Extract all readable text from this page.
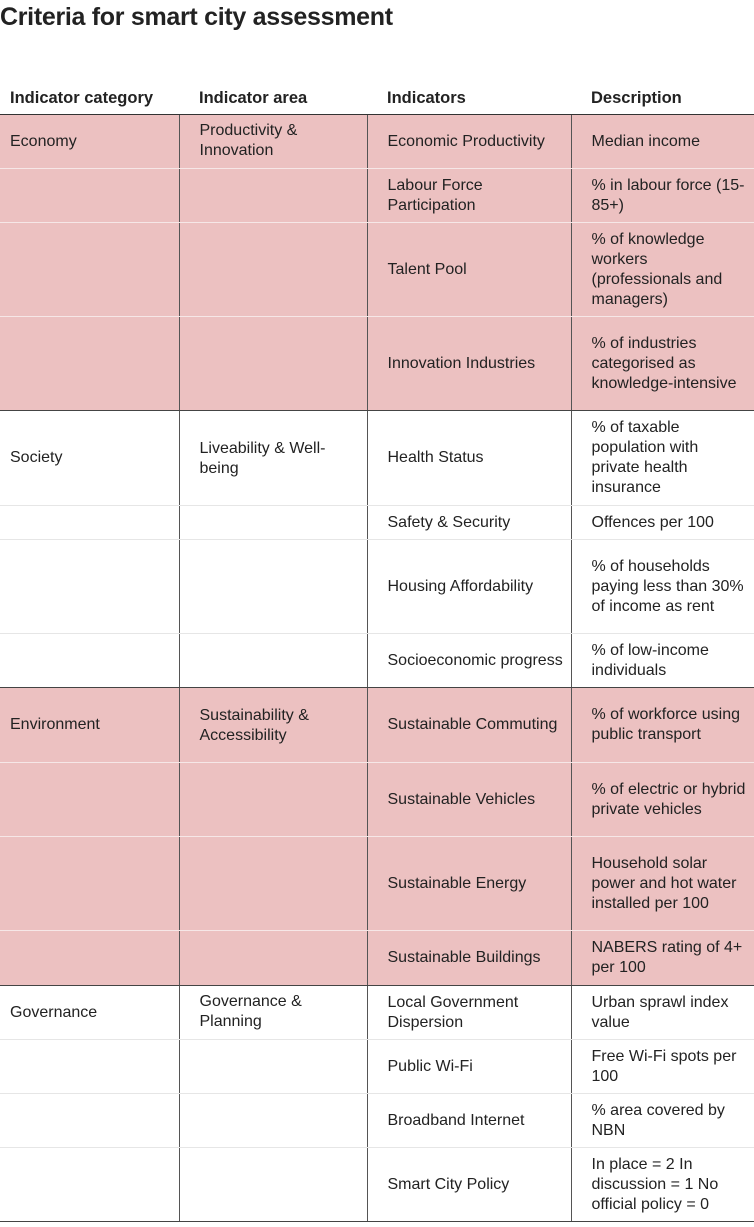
Criteria for smart city assessment
Indicator category	Indicator area	Indicators	Description
Economy	Productivity & Innovation	Economic Productivity	Median income
		Labour Force Participation	% in labour force (15-85+)
		Talent Pool	% of knowledge workers (professionals and managers)
		Innovation Industries	% of industries categorised as knowledge-intensive
Society	Liveability & Well-being	Health Status	% of taxable population with private health insurance
		Safety & Security	Offences per 100
		Housing Affordability	% of households paying less than 30% of income as rent
		Socioeconomic progress	% of low-income individuals
Environment	Sustainability & Accessibility	Sustainable Commuting	% of workforce using public transport
		Sustainable Vehicles	% of electric or hybrid private vehicles
		Sustainable Energy	Household solar power and hot water installed per 100
		Sustainable Buildings	NABERS rating of 4+ per 100
Governance	Governance & Planning	Local Government Dispersion	Urban sprawl index value
		Public Wi-Fi	Free Wi-Fi spots per 100
		Broadband Internet	% area covered by NBN
		Smart City Policy	In place = 2 In discussion = 1 No official policy = 0
